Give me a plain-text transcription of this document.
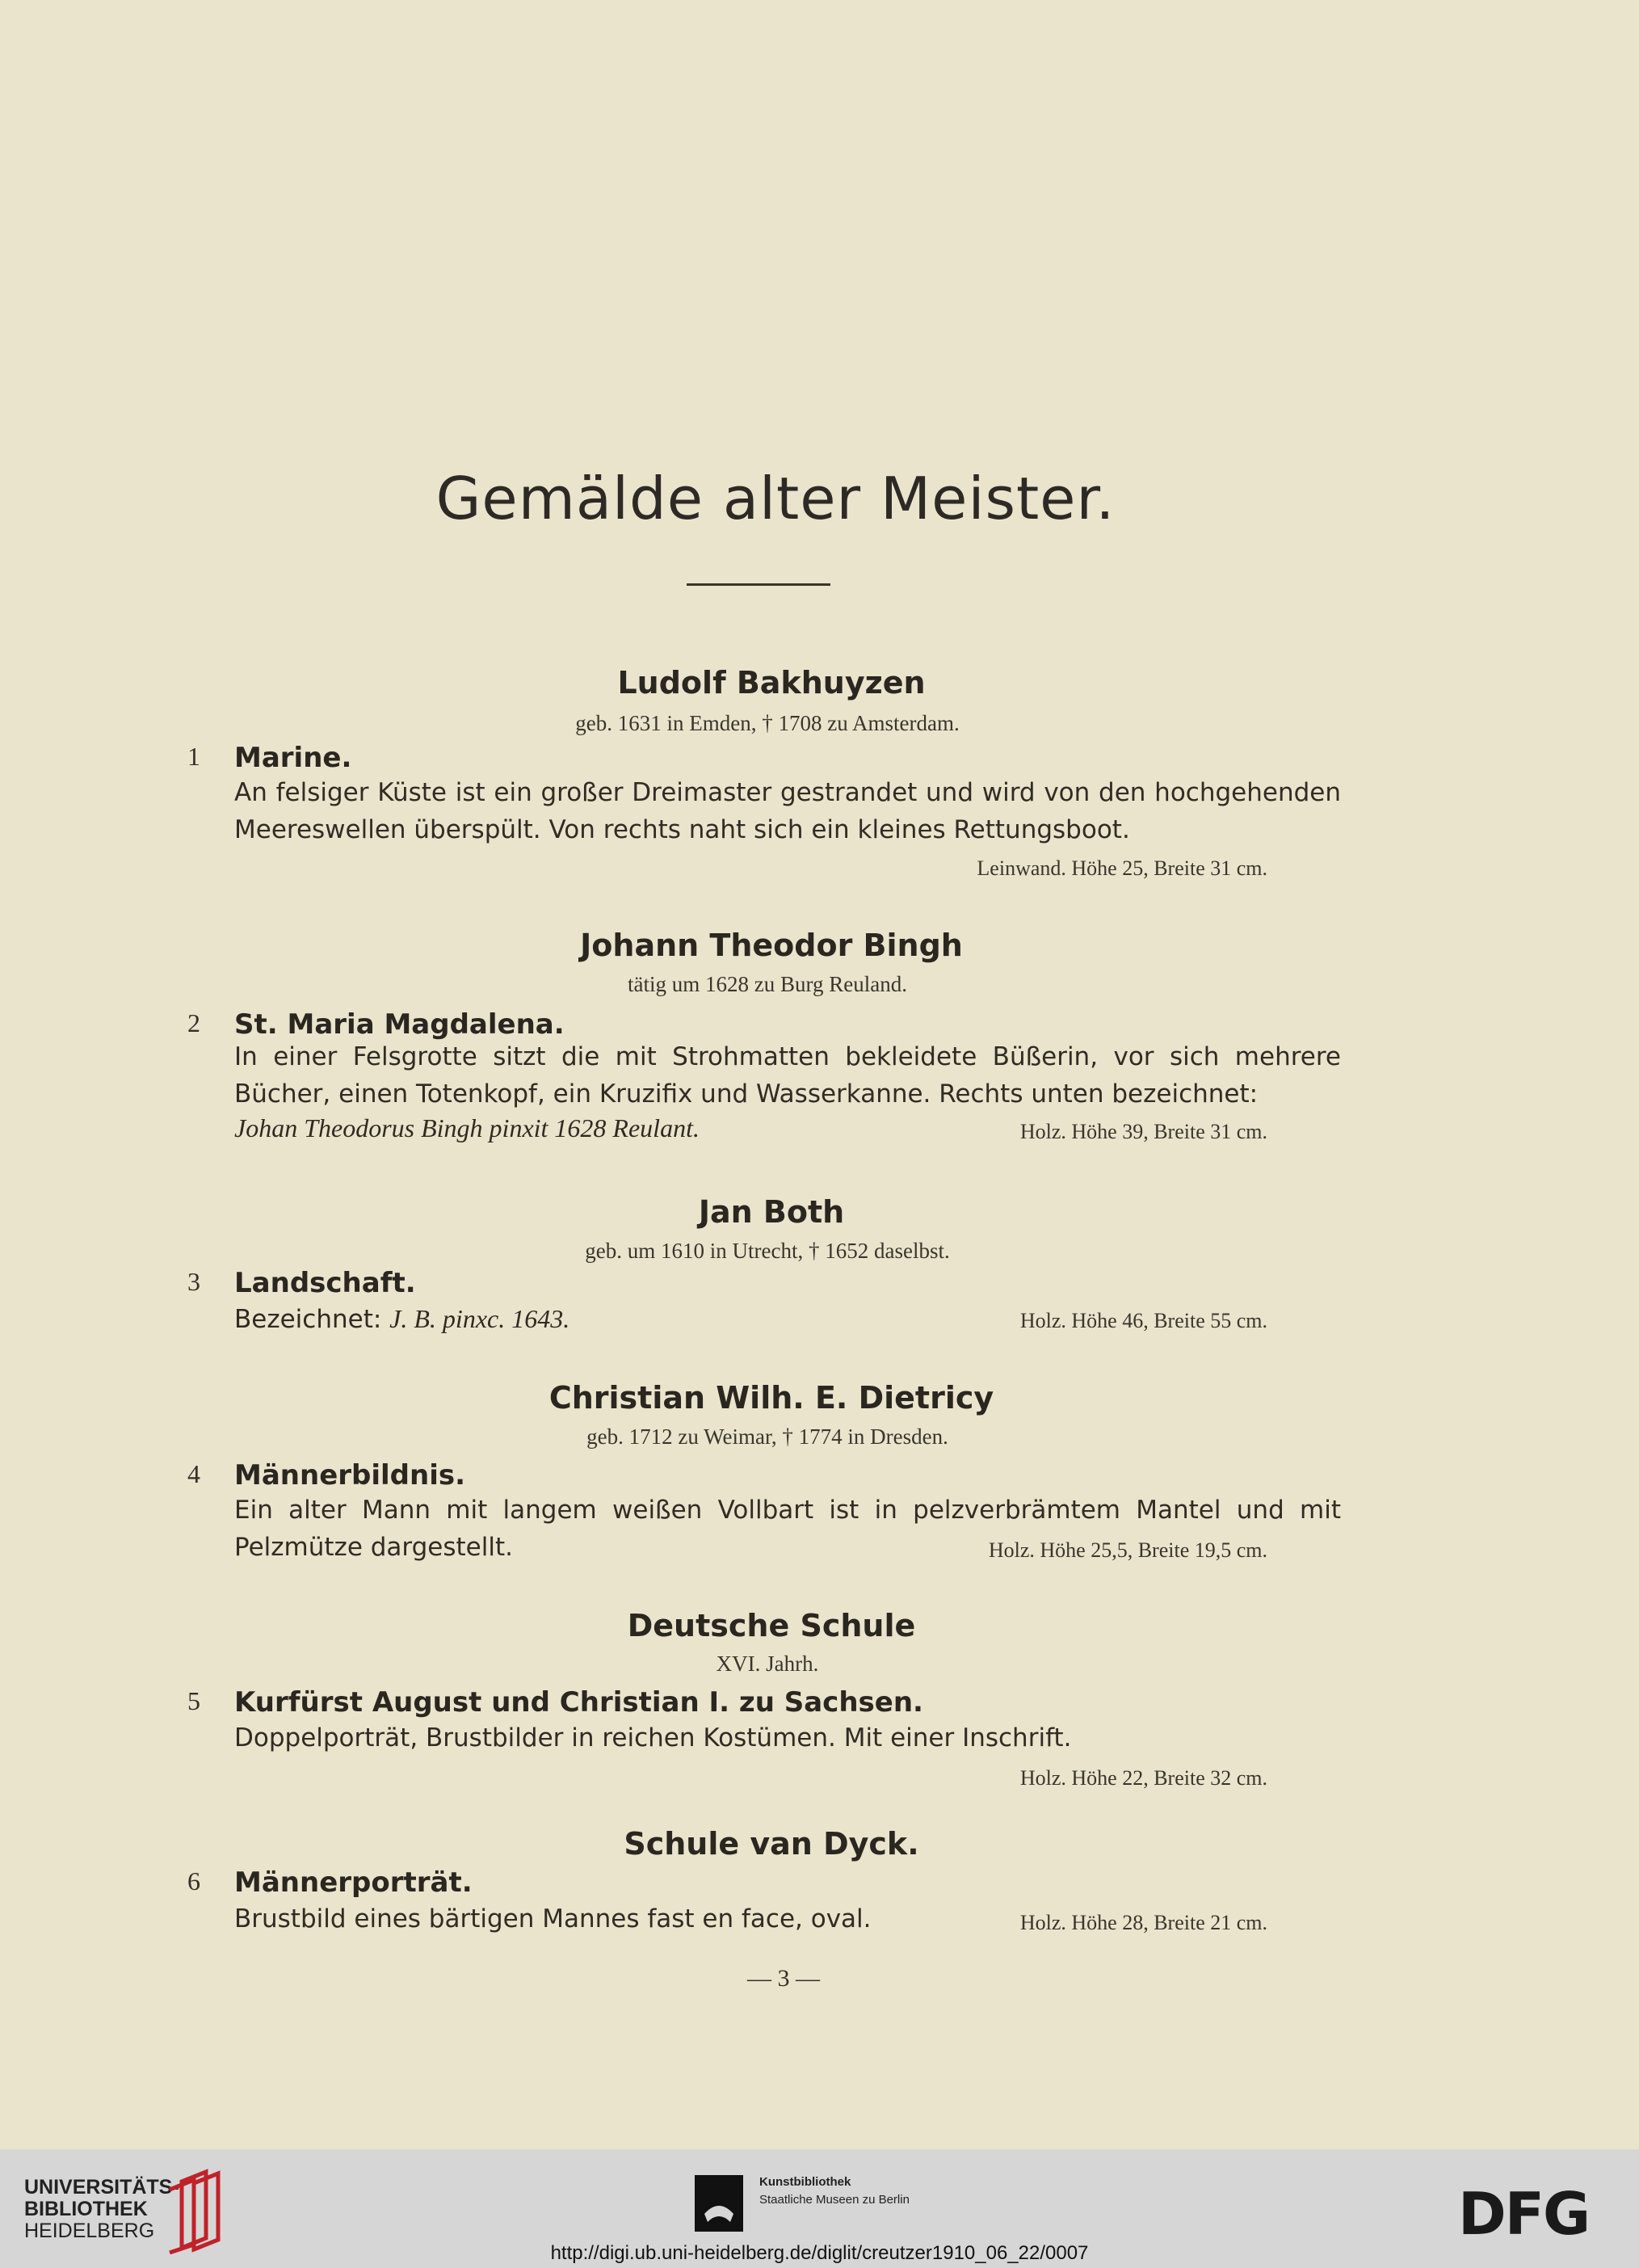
Gemälde alter Meister.
Ludolf Bakhuyzen
geb. 1631 in Emden, † 1708 zu Amsterdam.
1	Marine.
An felsiger Küste ist ein großer Dreimaster gestrandet und wird von den hochgehenden Meereswellen überspült. Von rechts naht sich ein kleines Rettungsboot.
Leinwand. Höhe 25, Breite 31 cm.
Johann Theodor Bingh
tätig um 1628 zu Burg Reuland.
2	St. Maria Magdalena.
In einer Felsgrotte sitzt die mit Strohmatten bekleidete Büßerin, vor sich mehrere Bücher, einen Totenkopf, ein Kruzifix und Wasserkanne. Rechts unten bezeichnet:
Johan Theodorus Bingh pinxit 1628 Reulant.	Holz. Höhe 39, Breite 31 cm.
Jan Both
geb. um 1610 in Utrecht, † 1652 daselbst.
3	Landschaft.
Bezeichnet: J. B. pinxc. 1643.	Holz. Höhe 46, Breite 55 cm.
Christian Wilh. E. Dietricy
geb. 1712 zu Weimar, † 1774 in Dresden.
4	Männerbildnis.
Ein alter Mann mit langem weißen Vollbart ist in pelzverbrämtem Mantel und mit Pelzmütze dargestellt.	Holz. Höhe 25,5, Breite 19,5 cm.
Deutsche Schule
XVI. Jahrh.
5	Kurfürst August und Christian I. zu Sachsen.
Doppelporträt, Brustbilder in reichen Kostümen. Mit einer Inschrift.
Holz. Höhe 22, Breite 32 cm.
Schule van Dyck.
6	Männerporträt.
Brustbild eines bärtigen Mannes fast en face, oval.	Holz. Höhe 28, Breite 21 cm.
— 3 —
UNIVERSITÄTS-
BIBLIOTHEK
HEIDELBERG
Kunstbibliothek
Staatliche Museen zu Berlin	DFG
http://digi.ub.uni-heidelberg.de/diglit/creutzer1910_06_22/0007
